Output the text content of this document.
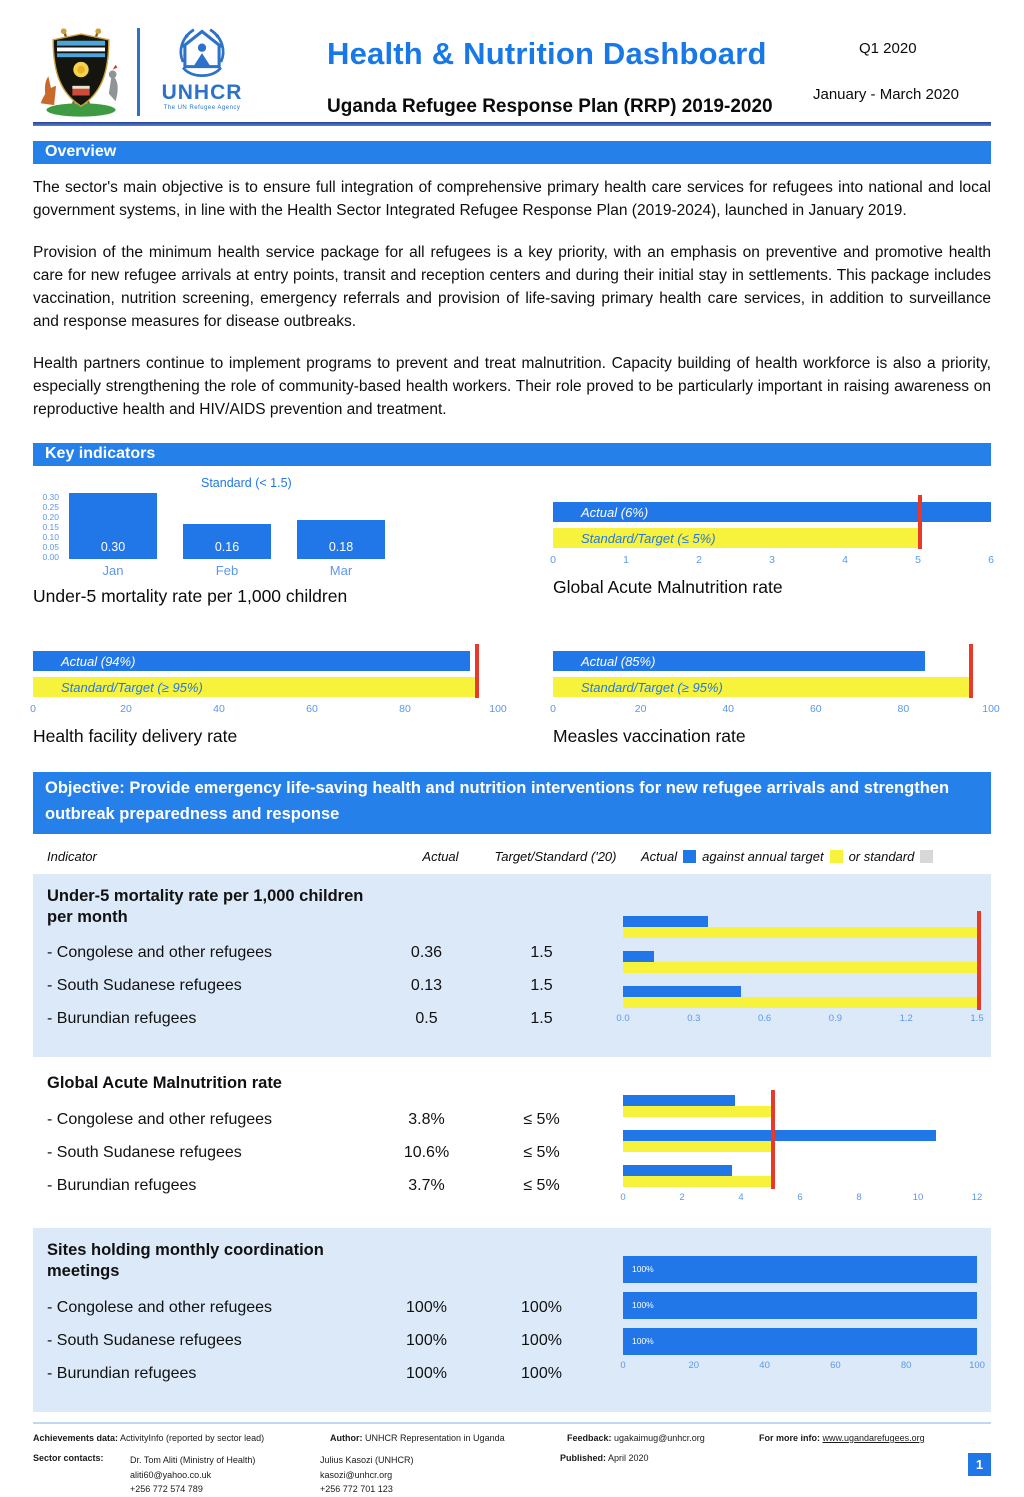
UNHCR
The UN Refugee Agency
Health & Nutrition Dashboard
Uganda Refugee Response Plan (RRP) 2019-2020
Q1 2020
January - March 2020
Overview

The sector's main objective is to ensure full integration of comprehensive primary health care services for refugees into national and local government systems, in line with the Health Sector Integrated Refugee Response Plan (2019-2024), launched in January 2019.

Provision of the minimum health service package for all refugees is a key priority, with an emphasis on preventive and promotive health care for new refugee arrivals at entry points, transit and reception centers and during their initial stay in settlements. This package includes vaccination, nutrition screening, emergency referrals and provision of life-saving primary health care services, in addition to surveillance and response measures for disease outbreaks.

Health partners continue to implement programs to prevent and treat malnutrition. Capacity building of health workforce is also a priority, especially strengthening the role of community-based health workers. Their role proved to be particularly important in raising awareness on reproductive health and HIV/AIDS prevention and treatment.

Key indicators
Standard (< 1.5)
0.30
0.25
0.20
0.15
0.10
0.05
0.00
0.30
Jan
0.16
Feb
0.18
Mar
Under-5 mortality rate per 1,000 children
Actual (6%)
Standard/Target (≤ 5%)
0	1	2	3	4	5	6
Global Acute Malnutrition rate
Actual (94%)
Standard/Target (≥ 95%)
0	20	40	60	80	100
Health facility delivery rate
Actual (85%)
Standard/Target (≥ 95%)
0	20	40	60	80	100
Measles vaccination rate
Objective: Provide emergency life-saving health and nutrition interventions for new refugee arrivals and strengthen outbreak preparedness and response
Indicator	Actual	Target/Standard ('20)	Actual against annual target or standard
Under-5 mortality rate per 1,000 children per month
- Congolese and other refugees	0.36	1.5
- South Sudanese refugees	0.13	1.5
- Burundian refugees	0.5	1.5	0.0	0.3	0.6	0.9	1.2	1.5
Global Acute Malnutrition rate
- Congolese and other refugees	3.8%	≤ 5%
- South Sudanese refugees	10.6%	≤ 5%
- Burundian refugees	3.7%	≤ 5%
0	2	4	6	8	10	12
Sites holding monthly coordination meetings
- Congolese and other refugees	100%	100%
- South Sudanese refugees	100%	100%
- Burundian refugees	100%	100%
100%
100%
100%
0	20	40	60	80	100
Achievements data: ActivityInfo (reported by sector lead)	Author: UNHCR Representation in Uganda	Feedback: ugakaimug@unhcr.org	For more info: www.ugandarefugees.org
Sector contacts:	Dr. Tom Aliti (Ministry of Health)
aliti60@yahoo.co.uk
+256 772 574 789
Julius Kasozi (UNHCR)
kasozi@unhcr.org
+256 772 701 123
Published: April 2020	1
